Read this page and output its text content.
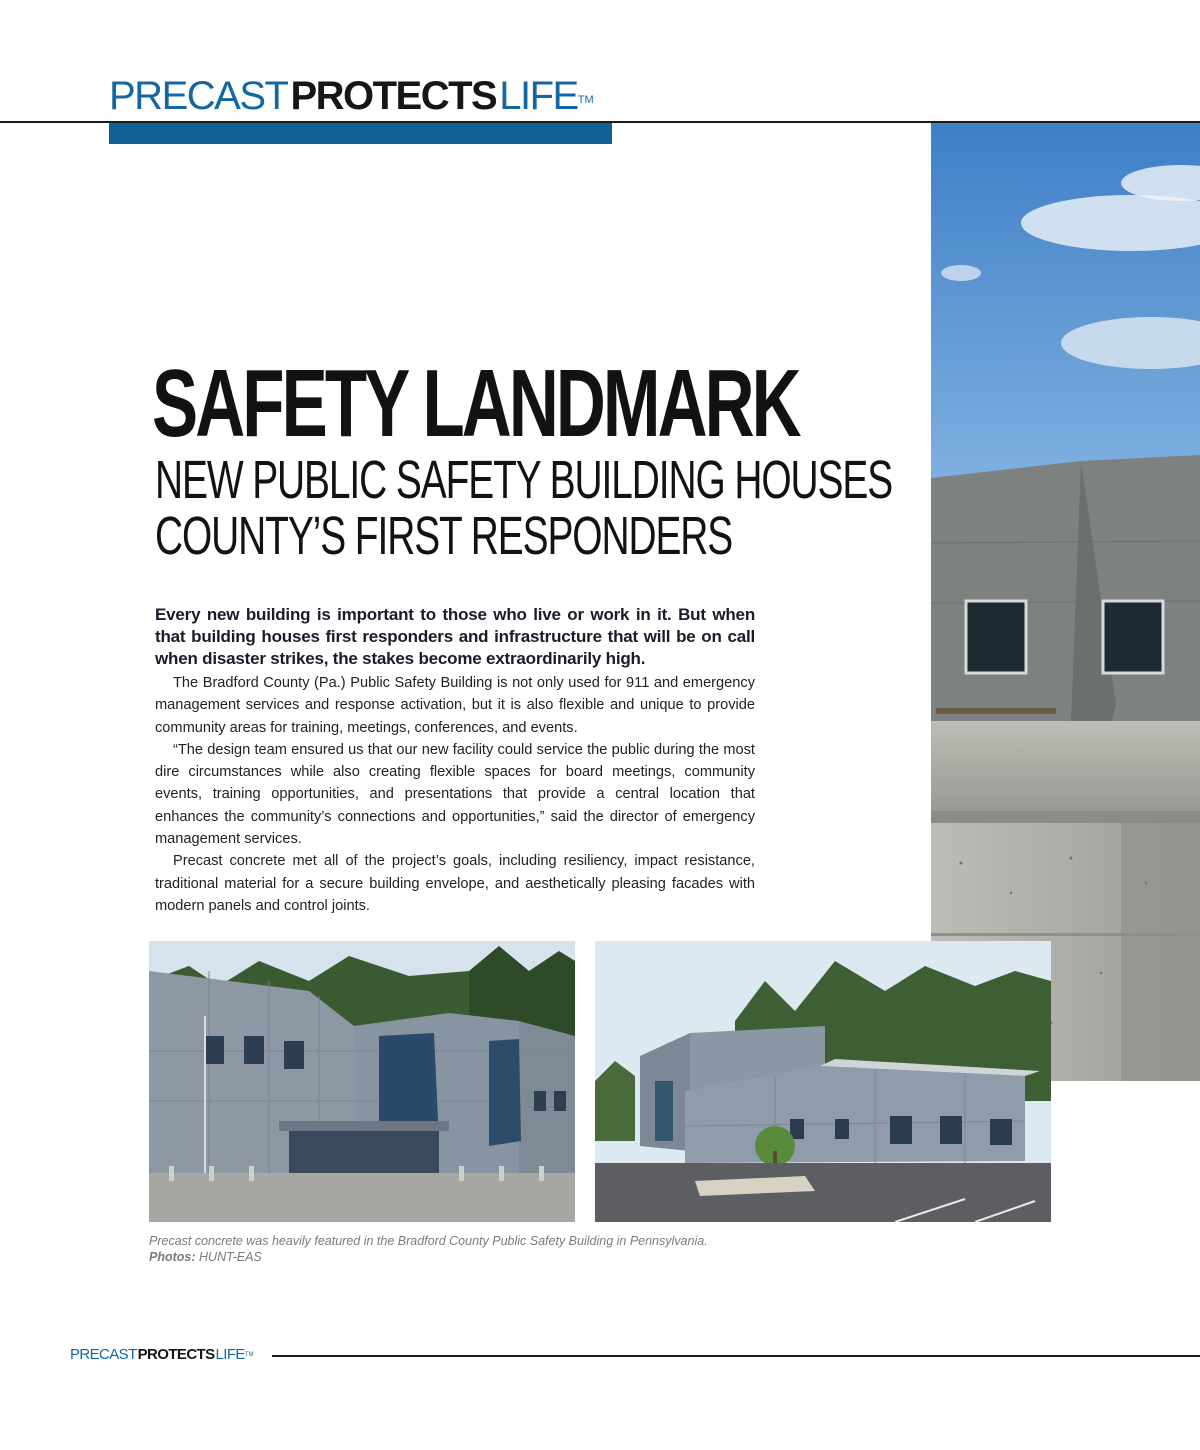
PRECASTPROTECTSLIFE™
SAFETY LANDMARK
NEW PUBLIC SAFETY BUILDING HOUSES
COUNTY’S FIRST RESPONDERS
Every new building is important to those who live or work in it. But when that building houses first responders and infrastructure that will be on call when disaster strikes, the stakes become extraordinarily high.

The Bradford County (Pa.) Public Safety Building is not only used for 911 and emergency management services and response activation, but it is also flexible and unique to provide community areas for training, meetings, conferences, and events.

“The design team ensured us that our new facility could service the public during the most dire circumstances while also creating flexible spaces for board meetings, community events, training opportunities, and presentations that provide a central location that enhances the community’s connections and opportunities,” said the director of emergency management services.

Precast concrete met all of the project’s goals, including resiliency, impact resistance, traditional material for a secure building envelope, and aesthetically pleasing facades with modern panels and control joints.

Precast concrete was heavily featured in the Bradford County Public Safety Building in Pennsylvania.
Photos: HUNT-EAS
PRECASTPROTECTSLIFE™
